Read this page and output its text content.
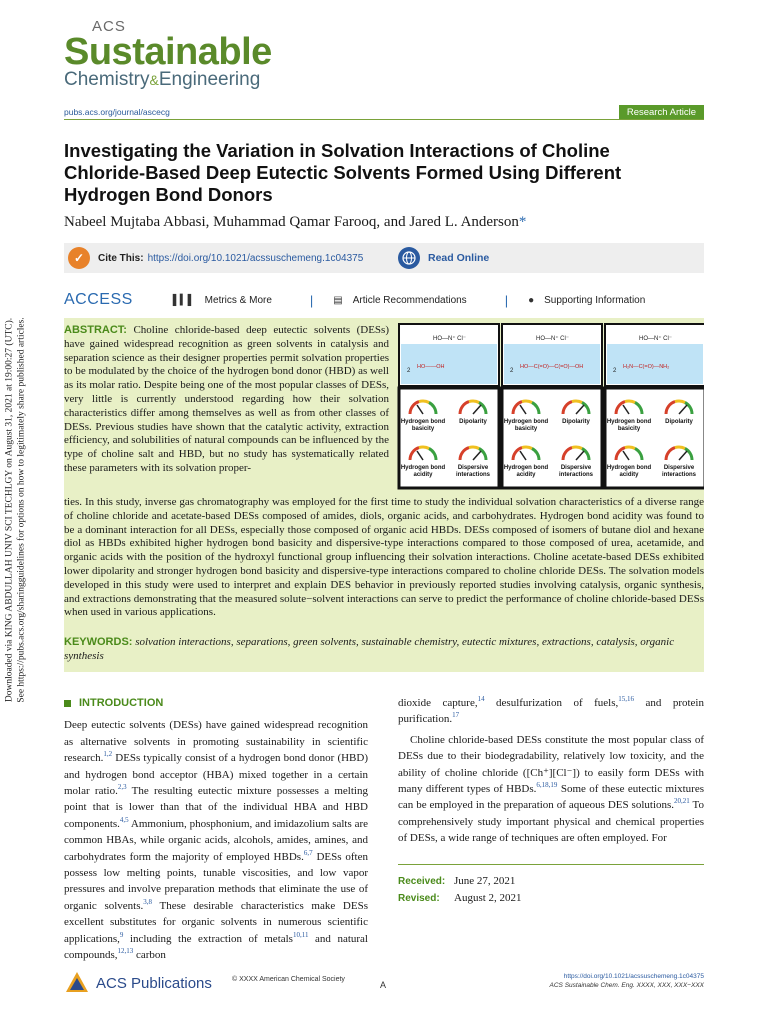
Downloaded via KING ABDULLAH UNIV SCI TECHLGY on August 31, 2021 at 19:00:27 (UTC). See https://pubs.acs.org/sharingguidelines for options on how to legitimately share published articles.
ACS
Sustainable
Chemistry&Engineering
pubs.acs.org/journal/ascecg	Research Article
Investigating the Variation in Solvation Interactions of Choline Chloride-Based Deep Eutectic Solvents Formed Using Different Hydrogen Bond Donors
Nabeel Mujtaba Abbasi, Muhammad Qamar Farooq, and Jared L. Anderson*
✓	Cite This: https://doi.org/10.1021/acssuschemeng.1c04375	Read Online
ACCESS	▌▍▌ Metrics & More	| ▤ Article Recommendations	| ● Supporting Information
ABSTRACT: Choline chloride-based deep eutectic solvents (DESs) have gained widespread recognition as green solvents in catalysis and separation science as their designer properties permit solvation properties to be modulated by the choice of the hydrogen bond donor (HBD) as well as its molar ratio. Despite being one of the most popular classes of DESs, very little is currently understood regarding how their solvation characteristics differ among themselves as well as from other classes of DESs. Previous studies have shown that the catalytic activity, extraction efficiency, and solubilities of natural compounds can be influenced by the type of choline salt and HBD, but no study has systematically related these parameters with its solvation proper-
HO—N⁺ Cl⁻
2
HO——OH
Hydrogen bond
basicity
Dipolarity
Hydrogen bond
acidity
Dispersive
interactions
HO—N⁺ Cl⁻
2
HO—C(=O)—C(=O)—OH
Hydrogen bond
basicity
Dipolarity
Hydrogen bond
acidity
Dispersive
interactions
HO—N⁺ Cl⁻
2
H₂N—C(=O)—NH₂
Hydrogen bond
basicity
Dipolarity
Hydrogen bond
acidity
Dispersive
interactions
ties. In this study, inverse gas chromatography was employed for the first time to study the individual solvation characteristics of a diverse range of choline chloride and acetate-based DESs composed of amides, diols, organic acids, and carbohydrates. Hydrogen bond acidity was found to be a dominant interaction for all DESs, especially those composed of organic acid HBDs. DESs composed of isomers of butane diol and hexane diol as HBDs exhibited higher hydrogen bond basicity and dispersive-type interactions compared to those composed of urea, acetamide, and organic acids with the position of the hydroxyl functional group influencing their solvation interactions. Choline acetate-based DESs exhibited lower dipolarity and stronger hydrogen bond basicity and dispersive-type interactions compared to choline chloride DESs. The solvation models developed in this study were used to interpret and explain DES behavior in previously reported studies involving catalysis, organic synthesis, and extractions demonstrating that the measured solute−solvent interactions can serve to predict the performance of choline chloride-based DESs when used in various applications.
KEYWORDS: solvation interactions, separations, green solvents, sustainable chemistry, eutectic mixtures, extractions, catalysis, organic synthesis
INTRODUCTION
Deep eutectic solvents (DESs) have gained widespread recognition as alternative solvents in promoting sustainability in scientific research.$^{1,2}$ DESs typically consist of a hydrogen bond donor (HBD) and hydrogen bond acceptor (HBA) mixed together in a certain molar ratio.$^{2,3}$ The resulting eutectic mixture possesses a melting point that is lower than that of the individual HBA and HBD components.$^{4,5}$ Ammonium, phosphonium, and imidazolium salts are common HBAs, while organic acids, alcohols, amides, amines, and carbohydrates form the majority of employed HBDs.$^{6,7}$ DESs often possess low melting points, tunable viscosities, and low vapor pressures and involve preparation methods that eliminate the use of organic solvents.$^{3,8}$ These desirable characteristics make DESs excellent substitutes for organic solvents in numerous scientific applications,$^9$ including the extraction of metals$^{10,11}$ and natural compounds,$^{12,13}$ carbon
dioxide capture,$^{14}$ desulfurization of fuels,$^{15,16}$ and protein purification.$^{17}$
Choline chloride-based DESs constitute the most popular class of DESs due to their biodegradability, relatively low toxicity, and the ability of choline chloride ([Ch⁺][Cl⁻]) to easily form DESs with many different types of HBDs.$^{6,18,19}$ Some of these eutectic mixtures can be employed in the preparation of aqueous DES solutions.$^{20,21}$ To comprehensively study important physical and chemical properties of DESs, a wide range of techniques are often employed. For
Received: June 27, 2021
Revised: August 2, 2021
ACS Publications	© XXXX American Chemical Society
A
https://doi.org/10.1021/acssuschemeng.1c04375
ACS Sustainable Chem. Eng. XXXX, XXX, XXX−XXX
